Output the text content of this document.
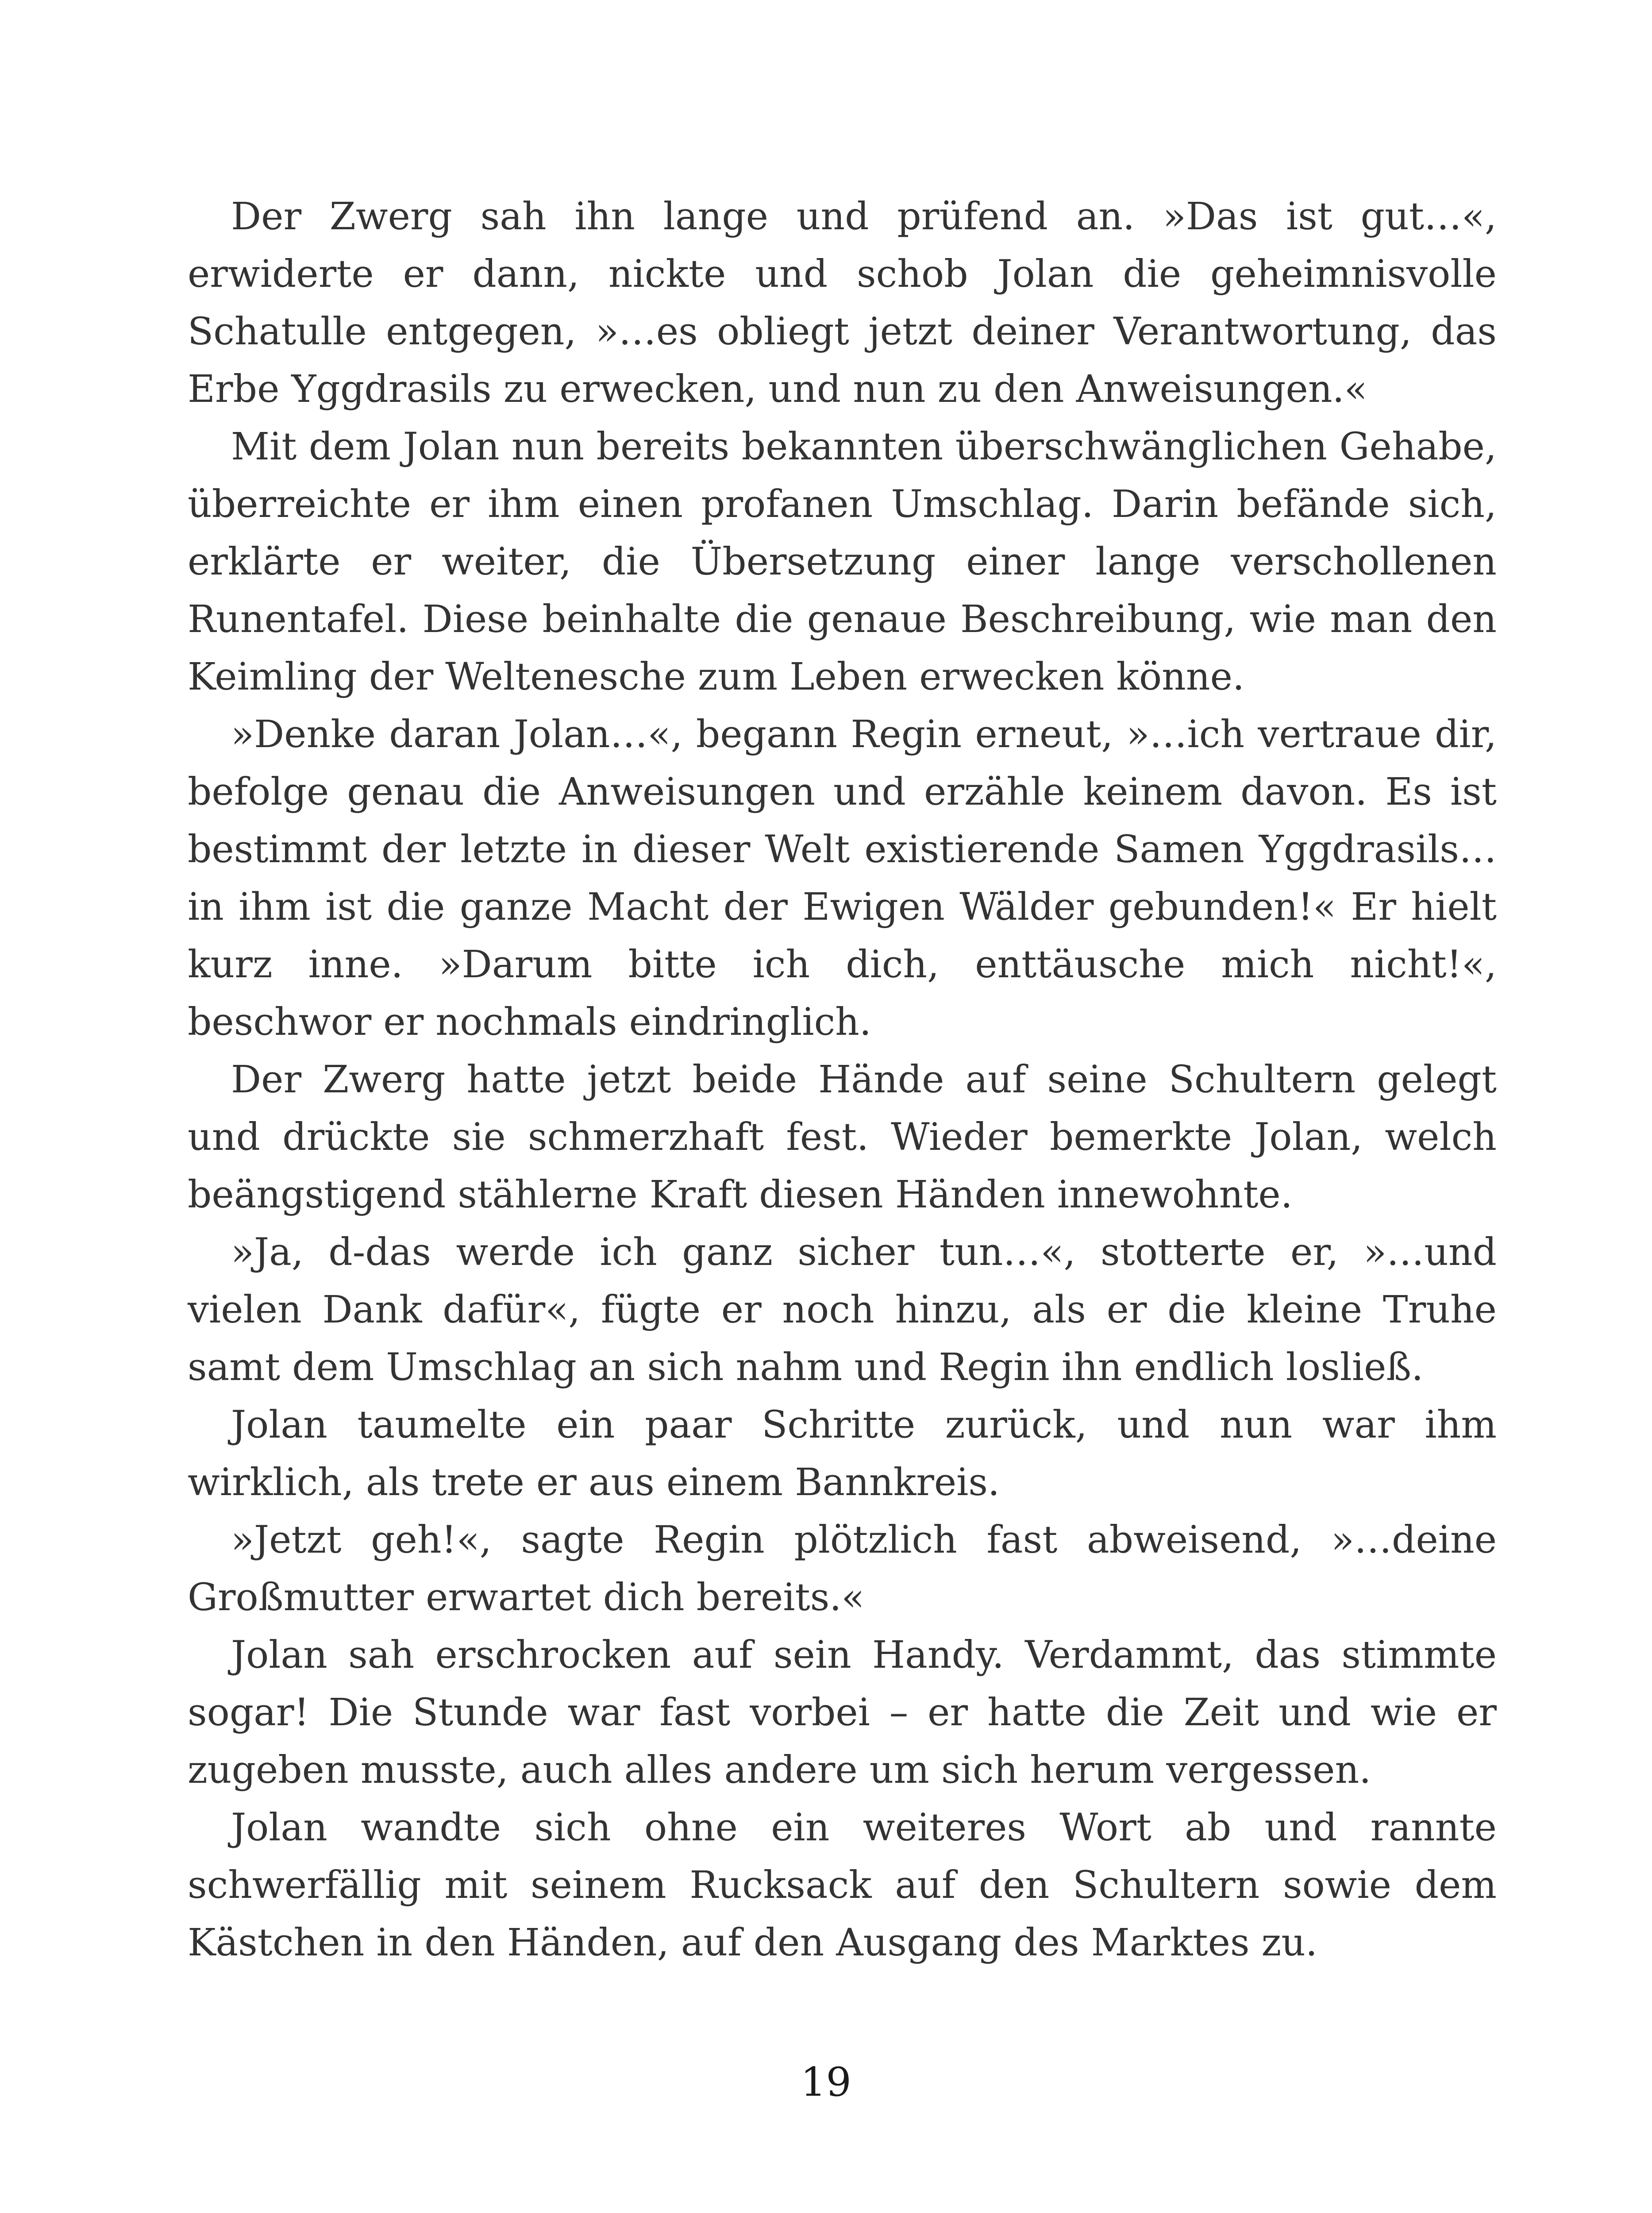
Der Zwerg sah ihn lange und prüfend an. »Das ist gut…«, erwiderte er dann, nickte und schob Jolan die geheimnisvolle Schatulle entgegen, »…es obliegt jetzt deiner Verantwortung, das Erbe Yggdrasils zu erwecken, und nun zu den Anweisungen.«

Mit dem Jolan nun bereits bekannten überschwänglichen Gehabe, überreichte er ihm einen profanen Umschlag. Darin befände sich, erklärte er weiter, die Übersetzung einer lange verschollenen Runentafel. Diese beinhalte die genaue Beschreibung, wie man den Keimling der Weltenesche zum Leben erwecken könne.

»Denke daran Jolan…«, begann Regin erneut, »…ich vertraue dir, befolge genau die Anweisungen und erzähle keinem davon. Es ist bestimmt der letzte in dieser Welt existierende Samen Yggdrasils… in ihm ist die ganze Macht der Ewigen Wälder gebunden!« Er hielt kurz inne. »Darum bitte ich dich, enttäusche mich nicht!«, beschwor er nochmals eindringlich.

Der Zwerg hatte jetzt beide Hände auf seine Schultern gelegt und drückte sie schmerzhaft fest. Wieder bemerkte Jolan, welch beängstigend stählerne Kraft diesen Händen innewohnte.

»Ja, d-das werde ich ganz sicher tun…«, stotterte er, »…und vielen Dank dafür«, fügte er noch hinzu, als er die kleine Truhe samt dem Umschlag an sich nahm und Regin ihn endlich losließ.

Jolan taumelte ein paar Schritte zurück, und nun war ihm wirklich, als trete er aus einem Bannkreis.

»Jetzt geh!«, sagte Regin plötzlich fast abweisend, »…deine Großmutter erwartet dich bereits.«

Jolan sah erschrocken auf sein Handy. Verdammt, das stimmte sogar! Die Stunde war fast vorbei – er hatte die Zeit und wie er zugeben musste, auch alles andere um sich herum vergessen.

Jolan wandte sich ohne ein weiteres Wort ab und rannte schwerfällig mit seinem Rucksack auf den Schultern sowie dem Kästchen in den Händen, auf den Ausgang des Marktes zu.

19
